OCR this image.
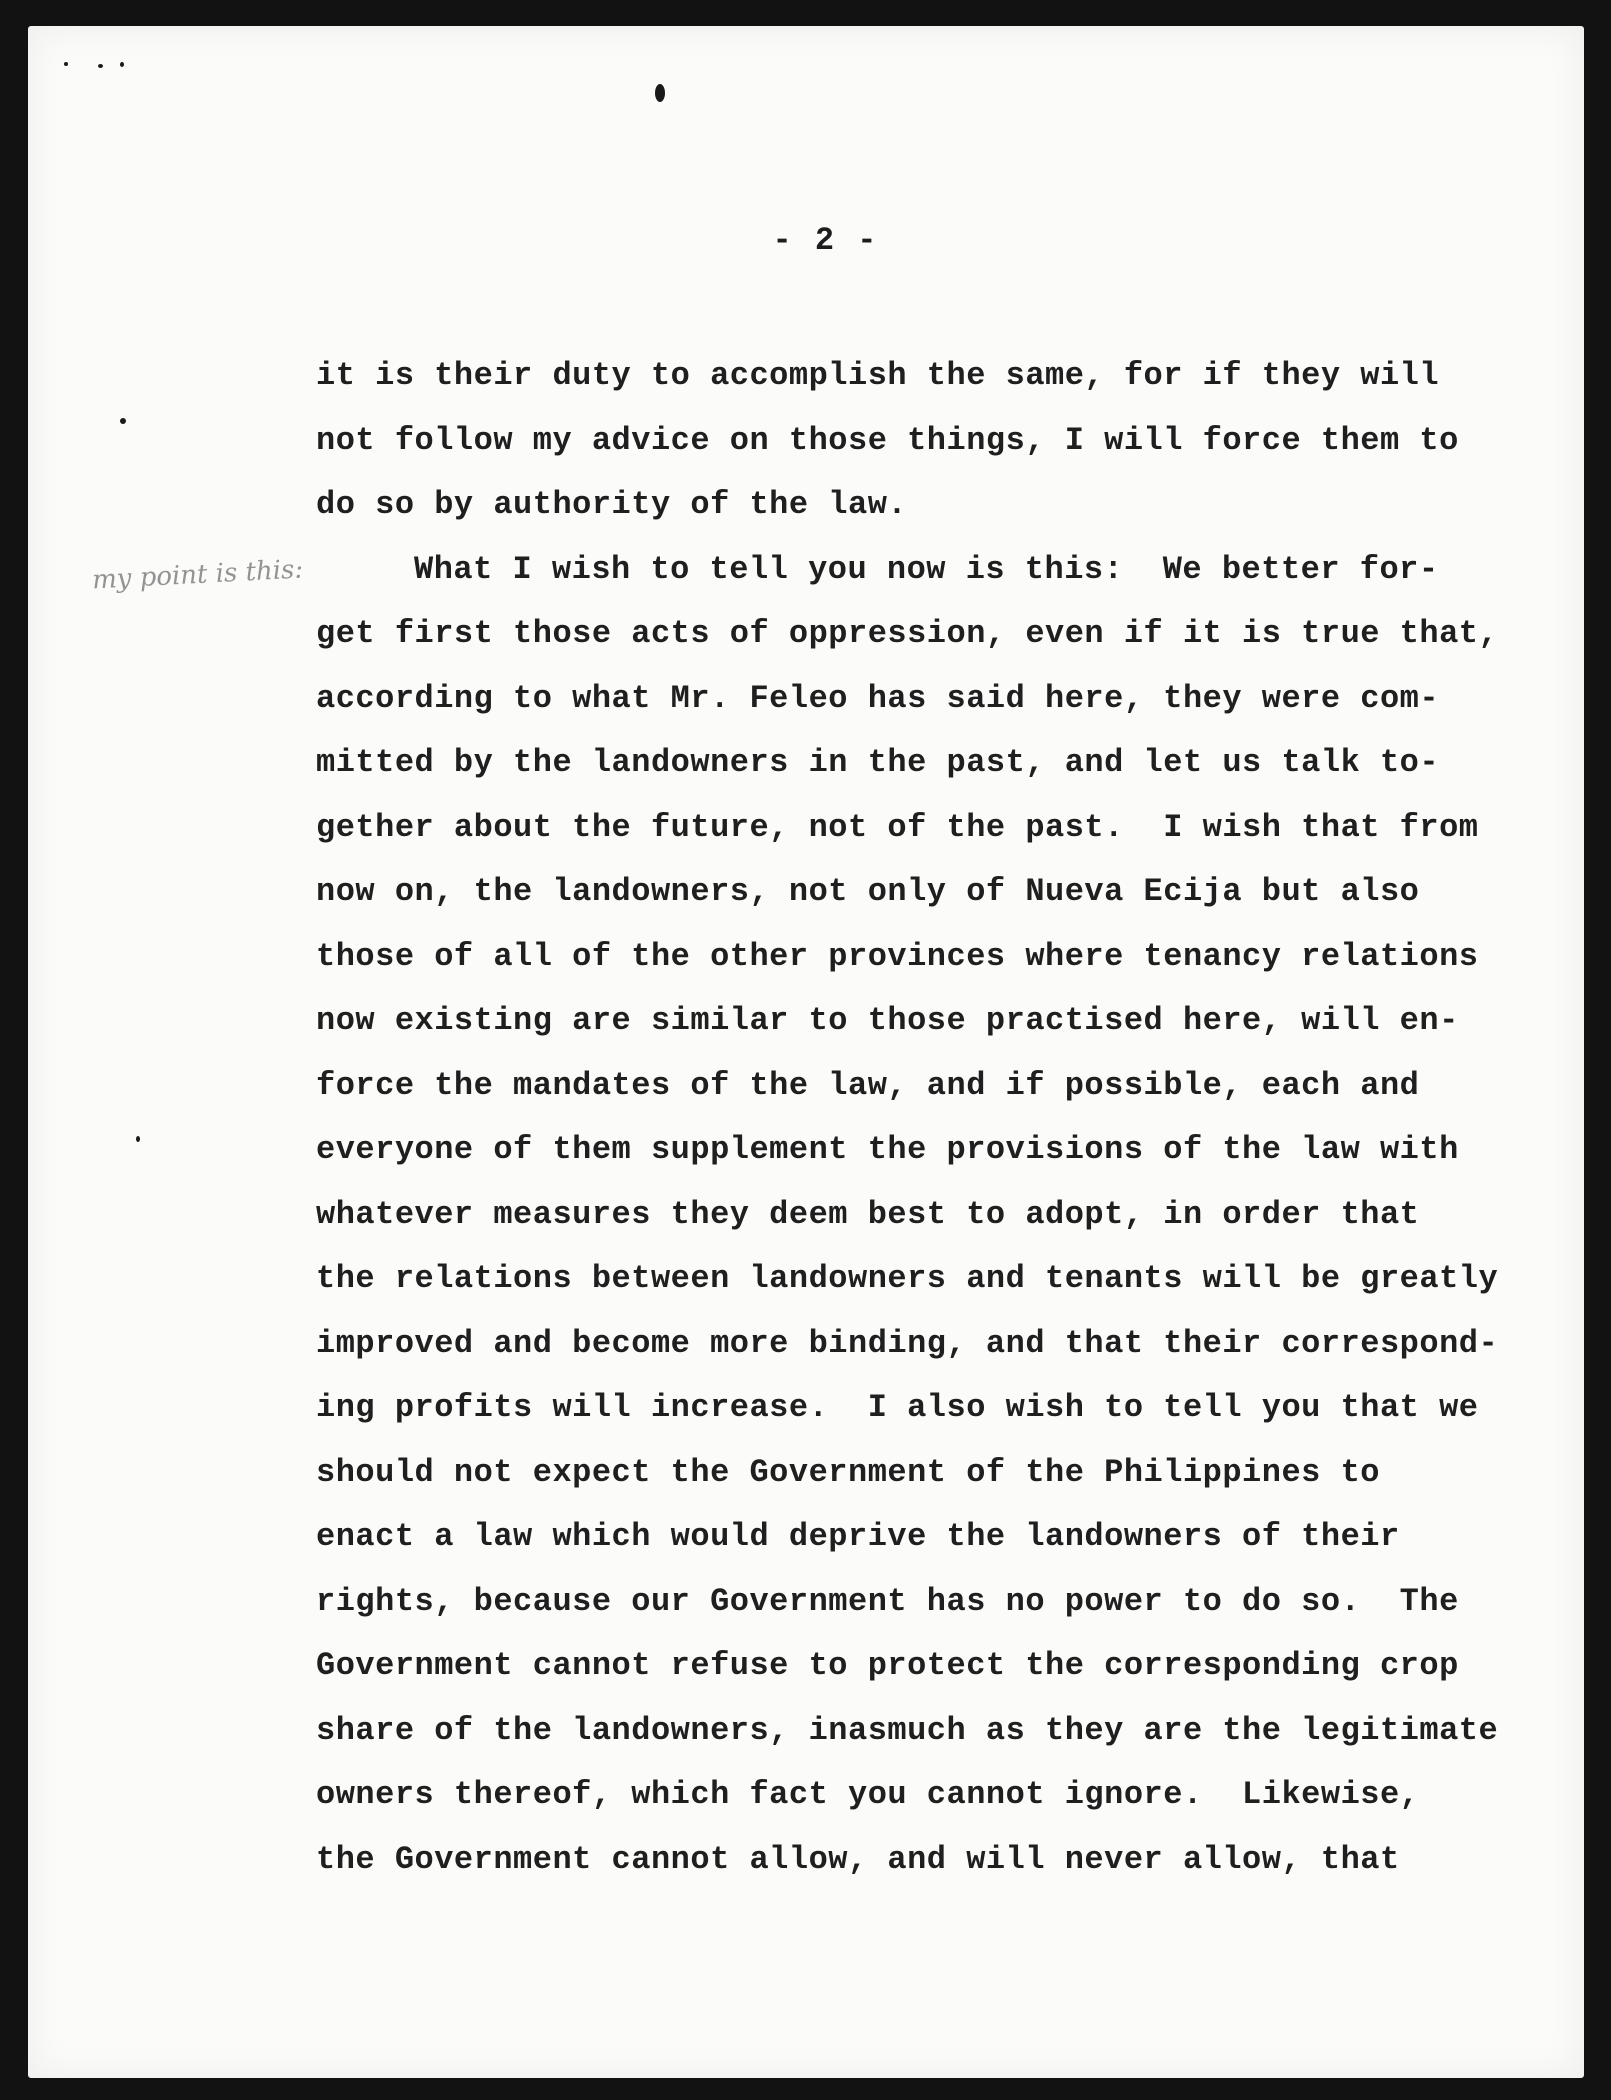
- 2 -
my point is this:
it is their duty to accomplish the same, for if they will
not follow my advice on those things, I will force them to
do so by authority of the law.
What I wish to tell you now is this:  We better for-
get first those acts of oppression, even if it is true that,
according to what Mr. Feleo has said here, they were com-
mitted by the landowners in the past, and let us talk to-
gether about the future, not of the past.  I wish that from
now on, the landowners, not only of Nueva Ecija but also
those of all of the other provinces where tenancy relations
now existing are similar to those practised here, will en-
force the mandates of the law, and if possible, each and
everyone of them supplement the provisions of the law with
whatever measures they deem best to adopt, in order that
the relations between landowners and tenants will be greatly
improved and become more binding, and that their correspond-
ing profits will increase.  I also wish to tell you that we
should not expect the Government of the Philippines to
enact a law which would deprive the landowners of their
rights, because our Government has no power to do so.  The
Government cannot refuse to protect the corresponding crop
share of the landowners, inasmuch as they are the legitimate
owners thereof, which fact you cannot ignore.  Likewise,
the Government cannot allow, and will never allow, that
